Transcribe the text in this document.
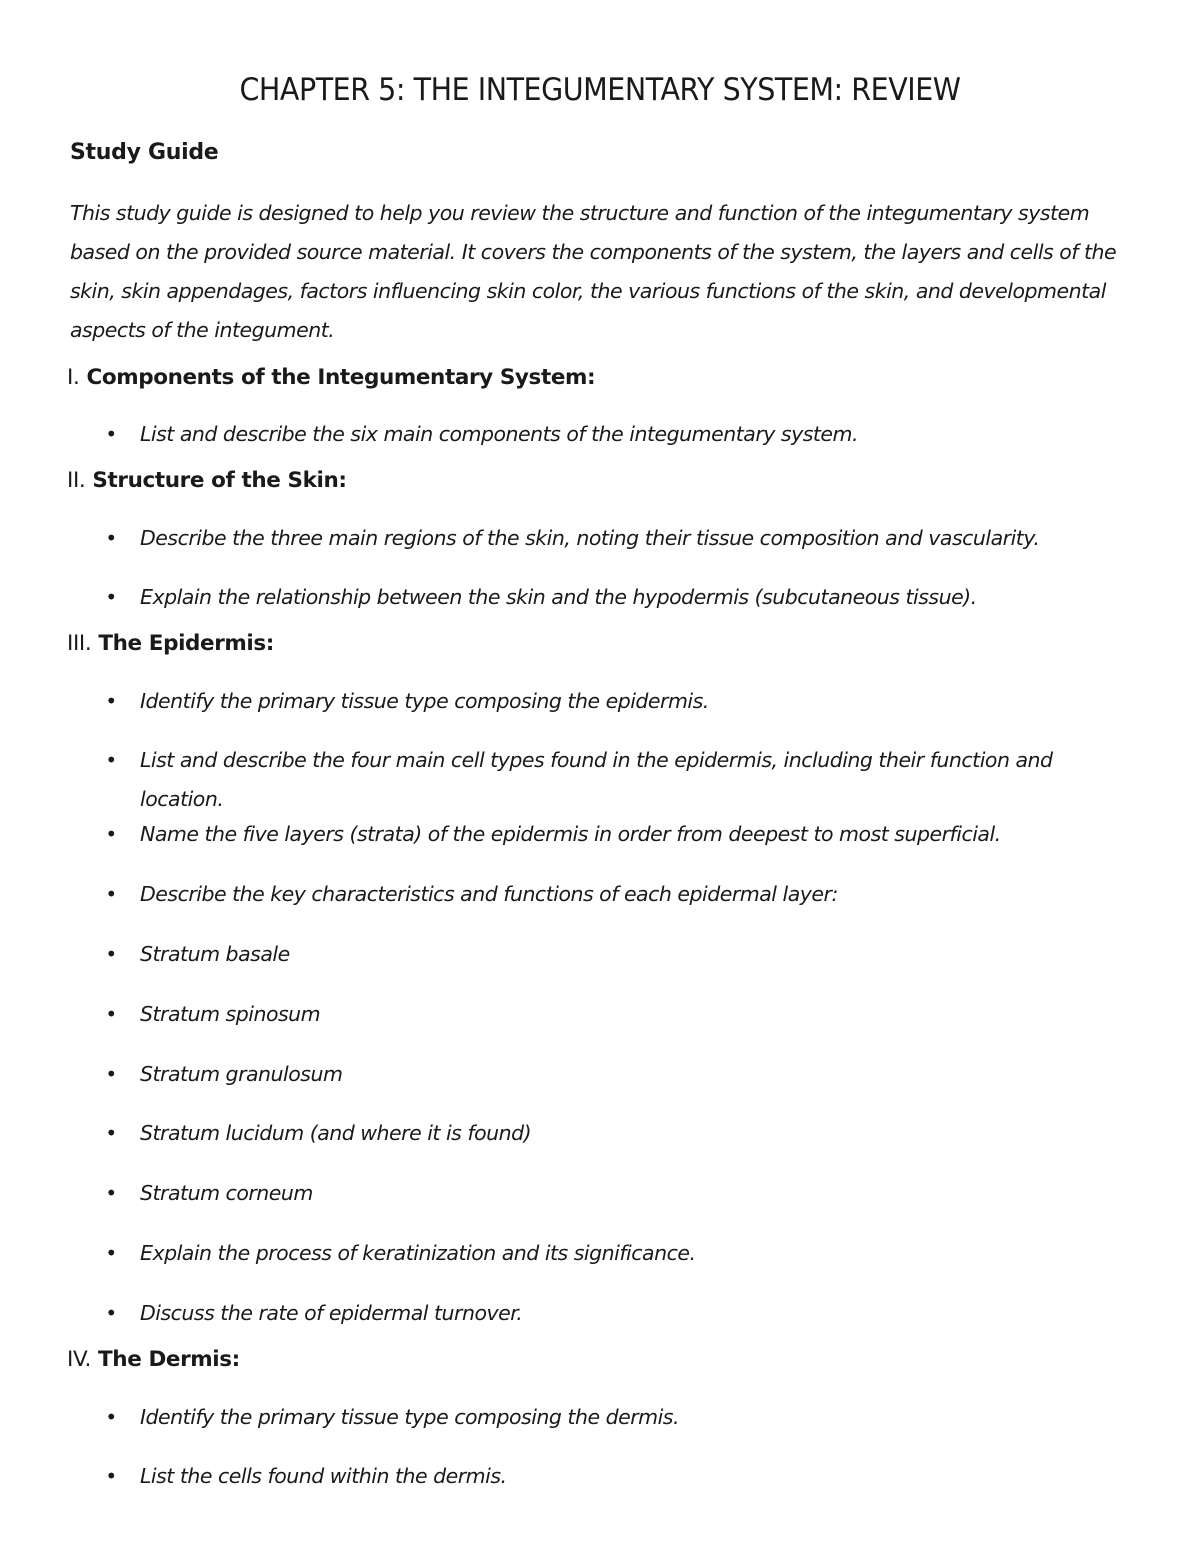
CHAPTER 5: THE INTEGUMENTARY SYSTEM: REVIEW
Study Guide

This study guide is designed to help you review the structure and function of the integumentary system based on the provided source material. It covers the components of the system, the layers and cells of the skin, skin appendages, factors influencing skin color, the various functions of the skin, and developmental aspects of the integument.

I. Components of the Integumentary System:
• List and describe the six main components of the integumentary system.
II. Structure of the Skin:
• Describe the three main regions of the skin, noting their tissue composition and vascularity.
• Explain the relationship between the skin and the hypodermis (subcutaneous tissue).
III. The Epidermis:
• Identify the primary tissue type composing the epidermis.
• List and describe the four main cell types found in the epidermis, including their function and location.
• Name the five layers (strata) of the epidermis in order from deepest to most superficial.
• Describe the key characteristics and functions of each epidermal layer:
• Stratum basale
• Stratum spinosum
• Stratum granulosum
• Stratum lucidum (and where it is found)
• Stratum corneum
• Explain the process of keratinization and its significance.
• Discuss the rate of epidermal turnover.
IV. The Dermis:
• Identify the primary tissue type composing the dermis.
• List the cells found within the dermis.
